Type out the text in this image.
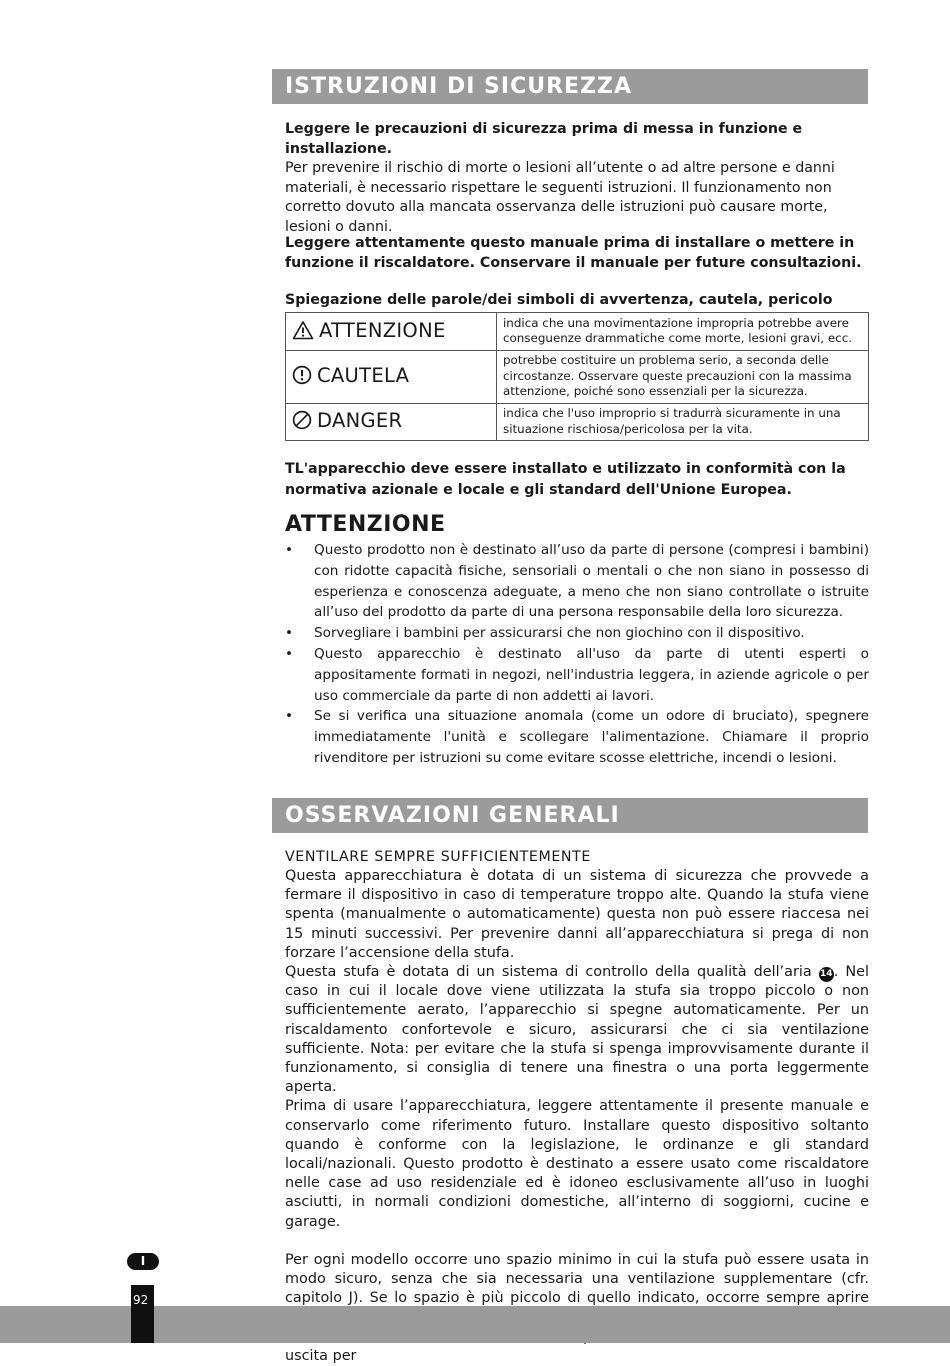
ISTRUZIONI DI SICUREZZA

Leggere le precauzioni di sicurezza prima di messa in funzione e installazione.

Per prevenire il rischio di morte o lesioni all’utente o ad altre persone e danni materiali, è necessario rispettare le seguenti istruzioni. Il funzionamento non corretto dovuto alla mancata osservanza delle istruzioni può causare morte, lesioni o danni.

Leggere attentamente questo manuale prima di installare o mettere in funzione il riscaldatore. Conservare il manuale per future consultazioni.

Spiegazione delle parole/dei simboli di avvertenza, cautela, pericolo

ATTENZIONE	indica che una movimentazione impropria potrebbe avere conseguenze drammatiche come morte, lesioni gravi, ecc.
CAUTELA	potrebbe costituire un problema serio, a seconda delle circostanze. Osservare queste precauzioni con la massima attenzione, poiché sono essenziali per la sicurezza.
DANGER	indica che l'uso improprio si tradurrà sicuramente in una situazione rischiosa/pericolosa per la vita.

TL'apparecchio deve essere installato e utilizzato in conformità con la normativa azionale e locale e gli standard dell'Unione Europea.

ATTENZIONE
• Questo prodotto non è destinato all’uso da parte di persone (compresi i bambini) con ridotte capacità fisiche, sensoriali o mentali o che non siano in possesso di esperienza e conoscenza adeguate, a meno che non siano controllate o istruite all’uso del prodotto da parte di una persona responsabile della loro sicurezza.
• Sorvegliare i bambini per assicurarsi che non giochino con il dispositivo.
• Questo apparecchio è destinato all'uso da parte di utenti esperti o appositamente formati in negozi, nell'industria leggera, in aziende agricole o per uso commerciale da parte di non addetti ai lavori.
• Se si verifica una situazione anomala (come un odore di bruciato), spegnere immediatamente l'unità e scollegare l'alimentazione. Chiamare il proprio rivenditore per istruzioni su come evitare scosse elettriche, incendi o lesioni.
OSSERVAZIONI GENERALI
VENTILARE SEMPRE SUFFICIENTEMENTE

Questa apparecchiatura è dotata di un sistema di sicurezza che provvede a fermare il dispositivo in caso di temperature troppo alte. Quando la stufa viene spenta (manualmente o automaticamente) questa non può essere riaccesa nei 15 minuti successivi. Per prevenire danni all’apparecchiatura si prega di non forzare l’accensione della stufa.

Questa stufa è dotata di un sistema di controllo della qualità dell’aria 14. Nel caso in cui il locale dove viene utilizzata la stufa sia troppo piccolo o non sufficientemente aerato, l’apparecchio si spegne automaticamente. Per un riscaldamento confortevole e sicuro, assicurarsi che ci sia ventilazione sufficiente. Nota: per evitare che la stufa si spenga improvvisamente durante il funzionamento, si consiglia di tenere una finestra o una porta leggermente aperta.

Prima di usare l’apparecchiatura, leggere attentamente il presente manuale e conservarlo come riferimento futuro. Installare questo dispositivo soltanto quando è conforme con la legislazione, le ordinanze e gli standard locali/nazionali. Questo prodotto è destinato a essere usato come riscaldatore nelle case ad uso residenziale ed è idoneo esclusivamente all’uso in luoghi asciutti, in normali condizioni domestiche, all’interno di soggiorni, cucine e garage.

Per ogni modello occorre uno spazio minimo in cui la stufa può essere usata in modo sicuro, senza che sia necessaria una ventilazione supplementare (cfr. capitolo J). Se lo spazio è più piccolo di quello indicato, occorre sempre aprire uscita per

I
92
